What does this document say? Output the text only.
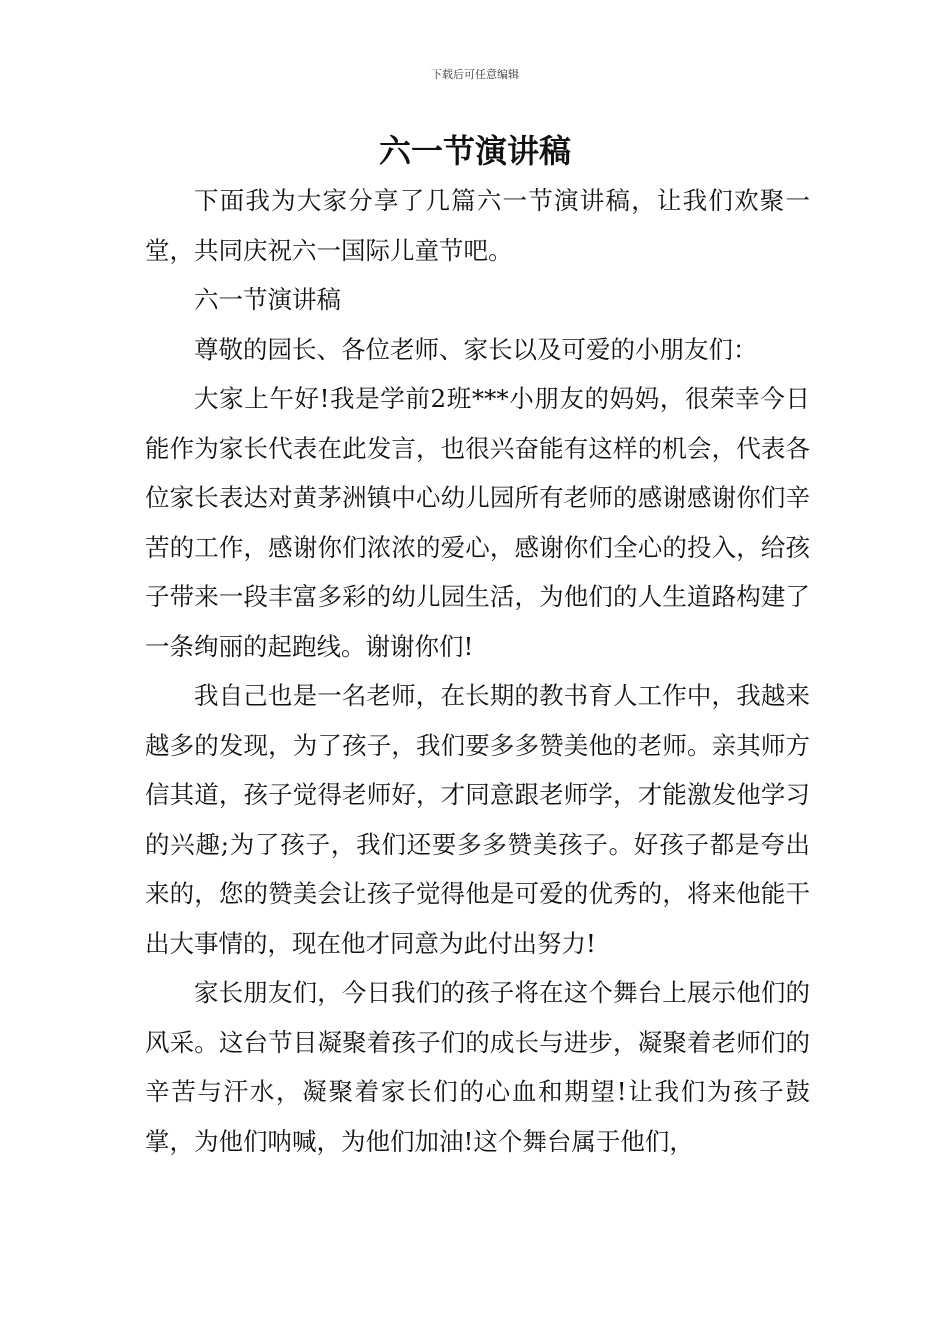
下载后可任意编辑
六一节演讲稿

下面我为大家分享了几篇六一节演讲稿，让我们欢聚一堂，共同庆祝六一国际儿童节吧。

六一节演讲稿

尊敬的园长、各位老师、家长以及可爱的小朋友们：

大家上午好!我是学前2班***小朋友的妈妈，很荣幸今日能作为家长代表在此发言，也很兴奋能有这样的机会，代表各位家长表达对黄茅洲镇中心幼儿园所有老师的感谢感谢你们辛苦的工作，感谢你们浓浓的爱心，感谢你们全心的投入，给孩子带来一段丰富多彩的幼儿园生活，为他们的人生道路构建了一条绚丽的起跑线。谢谢你们!

我自己也是一名老师，在长期的教书育人工作中，我越来越多的发现，为了孩子，我们要多多赞美他的老师。亲其师方信其道，孩子觉得老师好，才同意跟老师学，才能激发他学习的兴趣;为了孩子，我们还要多多赞美孩子。好孩子都是夸出来的，您的赞美会让孩子觉得他是可爱的优秀的，将来他能干出大事情的，现在他才同意为此付出努力!

家长朋友们，今日我们的孩子将在这个舞台上展示他们的风采。这台节目凝聚着孩子们的成长与进步，凝聚着老师们的辛苦与汗水，凝聚着家长们的心血和期望!让我们为孩子鼓掌，为他们呐喊，为他们加油!这个舞台属于他们，
